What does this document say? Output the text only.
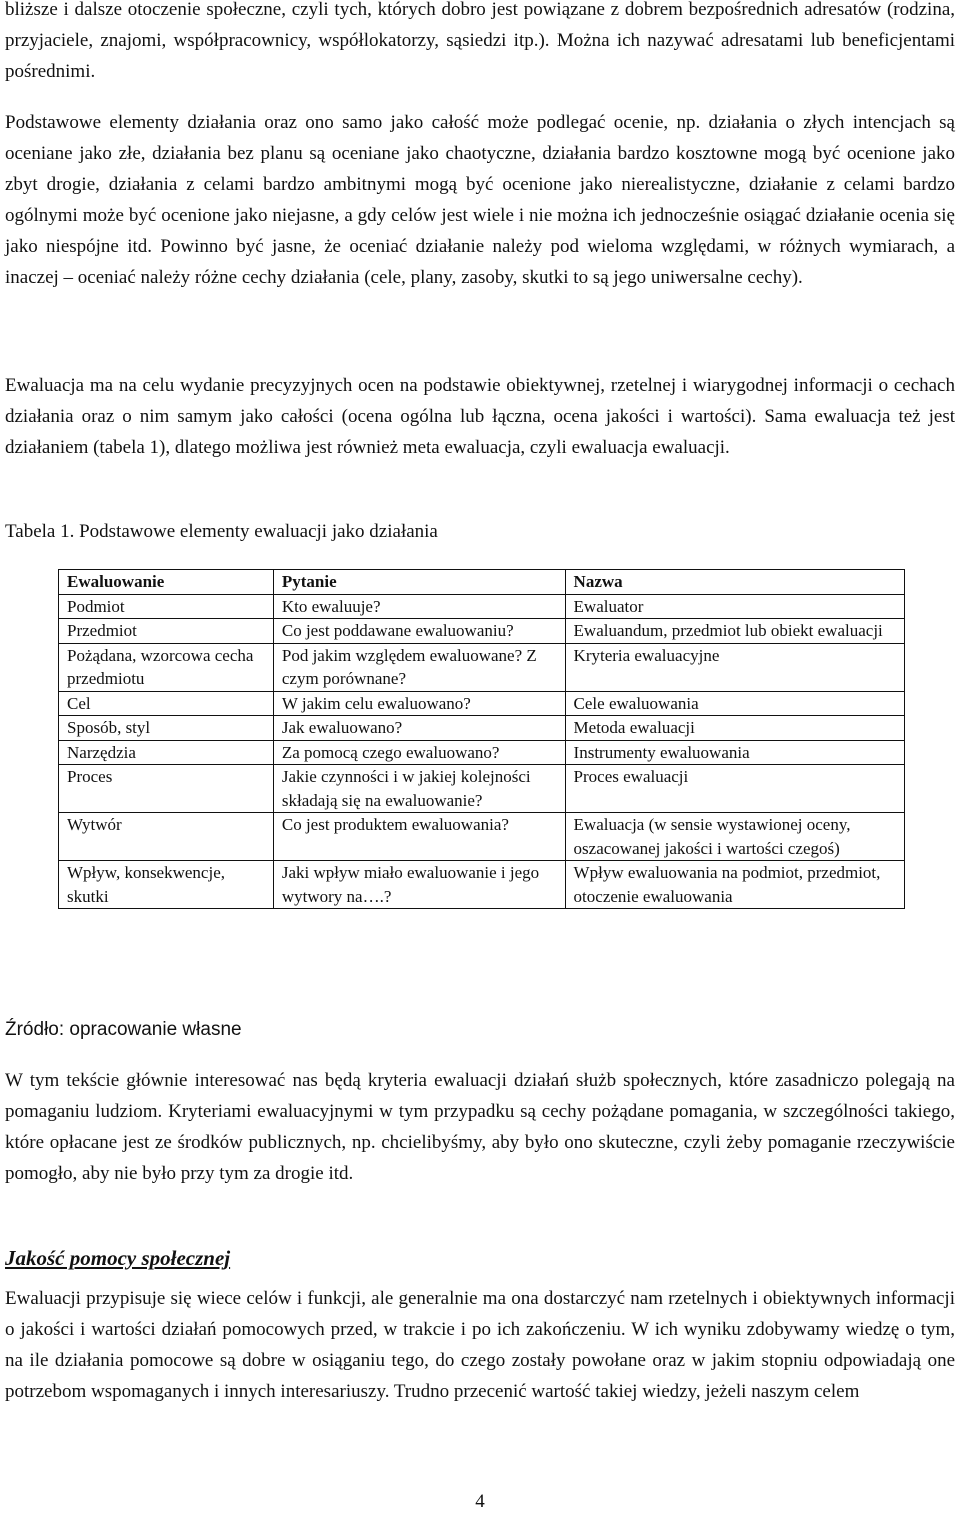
bliższe i dalsze otoczenie społeczne, czyli tych, których dobro jest powiązane z dobrem bezpośrednich adresatów (rodzina, przyjaciele, znajomi, współpracownicy, współlokatorzy, sąsiedzi itp.). Można ich nazywać adresatami lub beneficjentami pośrednimi.

Podstawowe elementy działania oraz ono samo jako całość może podlegać ocenie, np. działania o złych intencjach są oceniane jako złe, działania bez planu są oceniane jako chaotyczne, działania bardzo kosztowne mogą być ocenione jako zbyt drogie, działania z celami bardzo ambitnymi mogą być ocenione jako nierealistyczne, działanie z celami bardzo ogólnymi może być ocenione jako niejasne, a gdy celów jest wiele i nie można ich jednocześnie osiągać działanie ocenia się jako niespójne itd. Powinno być jasne, że oceniać działanie należy pod wieloma względami, w różnych wymiarach, a inaczej – oceniać należy różne cechy działania (cele, plany, zasoby, skutki to są jego uniwersalne cechy).

Ewaluacja ma na celu wydanie precyzyjnych ocen na podstawie obiektywnej, rzetelnej i wiarygodnej informacji o cechach działania oraz o nim samym jako całości (ocena ogólna lub łączna, ocena jakości i wartości). Sama ewaluacja też jest działaniem (tabela 1), dlatego możliwa jest również meta ewaluacja, czyli ewaluacja ewaluacji.

Tabela 1. Podstawowe elementy ewaluacji jako działania

Ewaluowanie	Pytanie	Nazwa
Podmiot	Kto ewaluuje?	Ewaluator
Przedmiot	Co jest poddawane ewaluowaniu?	Ewaluandum, przedmiot lub obiekt ewaluacji
Pożądana, wzorcowa cecha przedmiotu	Pod jakim względem ewaluowane? Z czym porównane?	Kryteria ewaluacyjne
Cel	W jakim celu ewaluowano?	Cele ewaluowania
Sposób, styl	Jak ewaluowano?	Metoda ewaluacji
Narzędzia	Za pomocą czego ewaluowano?	Instrumenty ewaluowania
Proces	Jakie czynności i w jakiej kolejności składają się na ewaluowanie?	Proces ewaluacji
Wytwór	Co jest produktem ewaluowania?	Ewaluacja (w sensie wystawionej oceny, oszacowanej jakości i wartości czegoś)
Wpływ, konsekwencje, skutki	Jaki wpływ miało ewaluowanie i jego wytwory na….?	Wpływ ewaluowania na podmiot, przedmiot, otoczenie ewaluowania

Źródło: opracowanie własne

W tym tekście głównie interesować nas będą kryteria ewaluacji działań służb społecznych, które zasadniczo polegają na pomaganiu ludziom. Kryteriami ewaluacyjnymi w tym przypadku są cechy pożądane pomagania, w szczególności takiego, które opłacane jest ze środków publicznych, np. chcielibyśmy, aby było ono skuteczne, czyli żeby pomaganie rzeczywiście pomogło, aby nie było przy tym za drogie itd.

Jakość pomocy społecznej

Ewaluacji przypisuje się wiece celów i funkcji, ale generalnie ma ona dostarczyć nam rzetelnych i obiektywnych informacji o jakości i wartości działań pomocowych przed, w trakcie i po ich zakończeniu. W ich wyniku zdobywamy wiedzę o tym, na ile działania pomocowe są dobre w osiąganiu tego, do czego zostały powołane oraz w jakim stopniu odpowiadają one potrzebom wspomaganych i innych interesariuszy. Trudno przecenić wartość takiej wiedzy, jeżeli naszym celem

4
